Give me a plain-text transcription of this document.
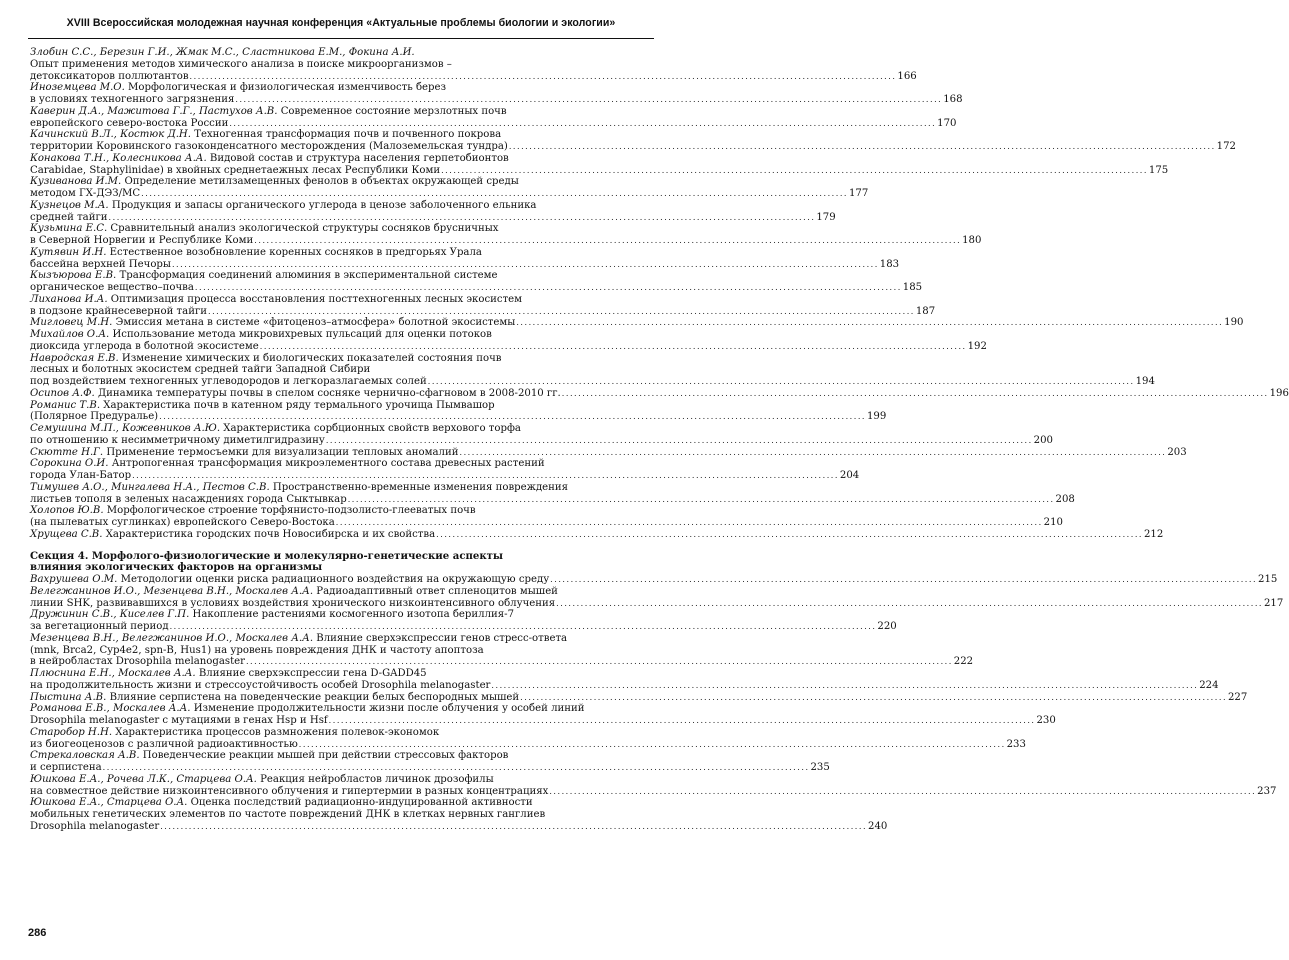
XVIII Всероссийская молодежная научная конференция «Актуальные проблемы биологии и экологии»
Злобин С.С., Березин Г.И., Жмак М.С., Сластникова Е.М., Фокина А.И.
Опыт применения методов химического анализа в поиске микроорганизмов –
детоксикаторов поллютантов . . .	166
Иноземцева М.О. Морфологическая и физиологическая изменчивость берез
в условиях техногенного загрязнения . . .	168
Каверин Д.А., Мажитова Г.Г., Пастухов А.В. Современное состояние мерзлотных почв
европейского северо-востока России . . .	170
Качинский В.Л., Костюк Д.Н. Техногенная трансформация почв и почвенного покрова
территории Коровинского газоконденсатного месторождения (Малоземельская тундра) . . .	172
Конакова Т.Н., Колесникова А.А. Видовой состав и структура населения герпетобионтов
Carabidae, Staphylinidae) в хвойных среднетаежных лесах Республики Коми . . .	175
Кузиванова И.М. Определение метилзамещенных фенолов в объектах окружающей среды
методом ГХ-ДЭЗ/МС . . .	177
Кузнецов М.А. Продукция и запасы органического углерода в ценозе заболоченного ельника
средней тайги . . .	179
Кузьмина Е.С. Сравнительный анализ экологической структуры сосняков брусничных
в Северной Норвегии и Республике Коми . . .	180
Кутявин И.Н. Естественное возобновление коренных сосняков в предгорьях Урала
бассейна верхней Печоры . . .	183
Кызъюрова Е.В. Трансформация соединений алюминия в экспериментальной системе
органическое вещество–почва . . .	185
Лиханова И.А. Оптимизация процесса восстановления посттехногенных лесных экосистем
в подзоне крайнесеверной тайги . . .	187
Мигловец М.Н. Эмиссия метана в системе «фитоценоз–атмосфера» болотной экосистемы . . .	190
Михайлов О.А. Использование метода микровихревых пульсаций для оценки потоков
диоксида углерода в болотной экосистеме . . .	192
Навродская Е.В. Изменение химических и биологических показателей состояния почв
лесных и болотных экосистем средней тайги Западной Сибири
под воздействием техногенных углеводородов и легкоразлагаемых солей . . .	194
Осипов А.Ф. Динамика температуры почвы в спелом сосняке чернично-сфагновом в 2008-2010 гг. . . .	196
Романис Т.В. Характеристика почв в катенном ряду термального урочища Пымвашор
(Полярное Предуралье) . . .	199
Семушина М.П., Кожевников А.Ю. Характеристика сорбционных свойств верхового торфа
по отношению к несимметричному диметилгидразину . . .	200
Скютте Н.Г. Применение термосъемки для визуализации тепловых аномалий . . .	203
Сорокина О.И. Антропогенная трансформация микроэлементного состава древесных растений
города Улан-Батор . . .	204
Тимушев А.О., Мингалева Н.А., Пестов С.В. Пространственно-временные изменения повреждения
листьев тополя в зеленых насаждениях города Сыктывкар . . .	208
Холопов Ю.В. Морфологическое строение торфянисто-подзолисто-глееватых почв
(на пылеватых суглинках) европейского Северо-Востока . . .	210
Хрущева С.В. Характеристика городских почв Новосибирска и их свойства . . .	212
Секция 4. Морфолого-физиологические и молекулярно-генетические аспекты
влияния экологических факторов на организмы
Вахрушева О.М. Методологии оценки риска радиационного воздействия на окружающую среду . . .	215
Велегжанинов И.О., Мезенцева В.Н., Москалев А.А. Радиоадаптивный ответ спленоцитов мышей
линии SHK, развивавшихся в условиях воздействия хронического низкоинтенсивного облучения . . .	217
Дружинин С.В., Киселев Г.П. Накопление растениями космогенного изотопа бериллия-7
за вегетационный период . . .	220
Мезенцева В.Н., Велегжанинов И.О., Москалев А.А. Влияние сверхэкспрессии генов стресс-ответа
(mnk, Brca2, Cyp4e2, spn-B, Hus1) на уровень повреждения ДНК и частоту апоптоза
в нейробластах Drosophila melanogaster . . .	222
Плюснина Е.Н., Москалев А.А. Влияние сверхэкспрессии гена D-GADD45
на продолжительность жизни и стрессоустойчивость особей Drosophila melanogaster . . .	224
Пыстина А.В. Влияние серпистена на поведенческие реакции белых беспородных мышей . . .	227
Романова Е.В., Москалев А.А. Изменение продолжительности жизни после облучения у особей линий
Drosophila melanogaster с мутациями в генах Hsp и Hsf . . .	230
Старобор Н.Н. Характеристика процессов размножения полевок-экономок
из биогеоценозов с различной радиоактивностью . . .	233
Стрекаловская А.В. Поведенческие реакции мышей при действии стрессовых факторов
и серпистена . . .	235
Юшкова Е.А., Рочева Л.К., Старцева О.А. Реакция нейробластов личинок дрозофилы
на совместное действие низкоинтенсивного облучения и гипертермии в разных концентрациях . . .	237
Юшкова Е.А., Старцева О.А. Оценка последствий радиационно-индуцированной активности
мобильных генетических элементов по частоте повреждений ДНК в клетках нервных ганглиев
Drosophila melanogaster . . .	240
286
